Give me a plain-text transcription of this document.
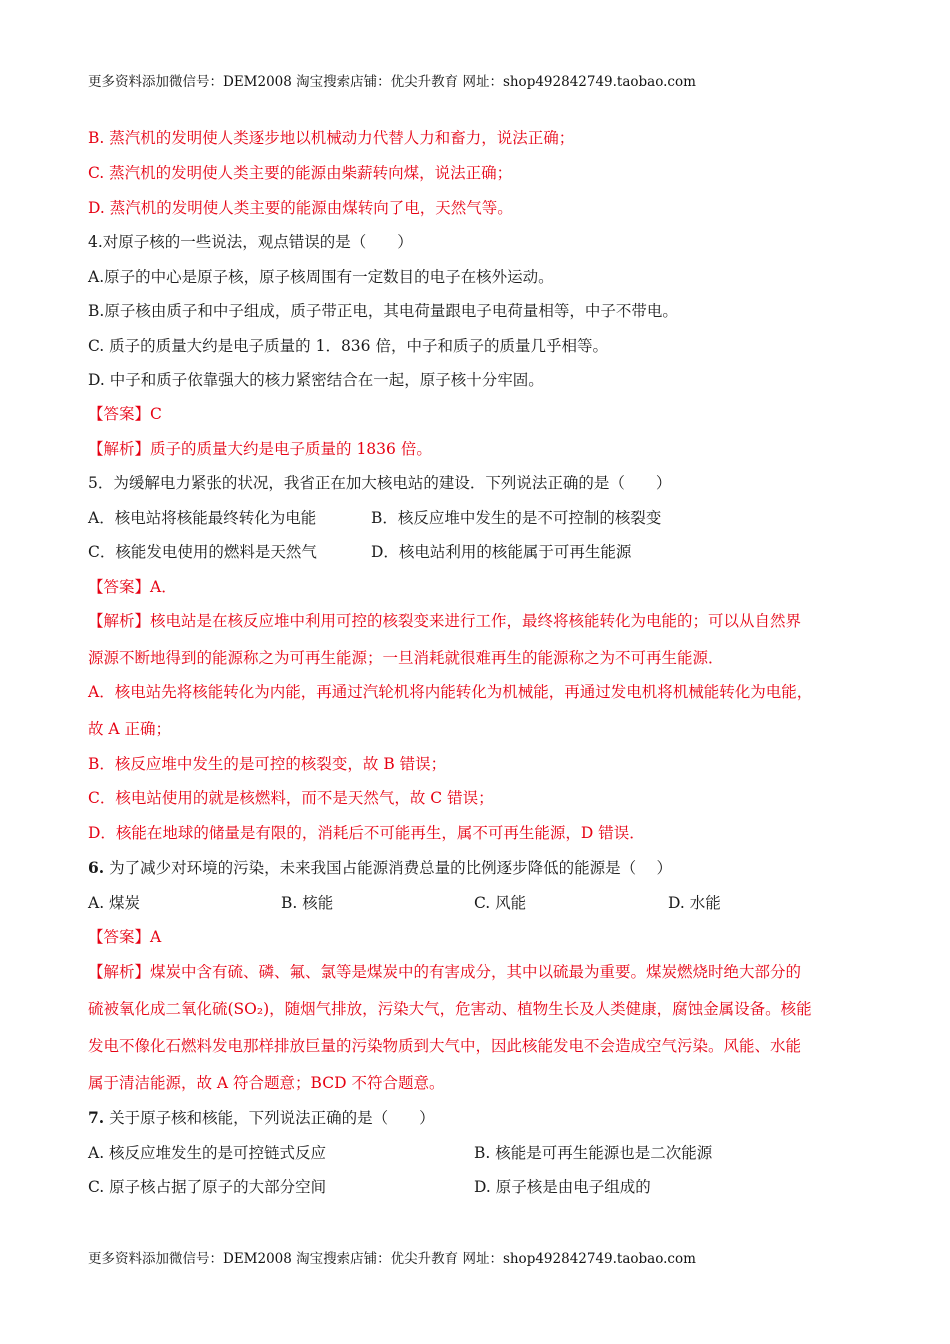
更多资料添加微信号：DEM2008 淘宝搜索店铺：优尖升教育 网址：shop492842749.taobao.com
B. 蒸汽机的发明使人类逐步地以机械动力代替人力和畜力，说法正确；
C. 蒸汽机的发明使人类主要的能源由柴薪转向煤，说法正确；
D. 蒸汽机的发明使人类主要的能源由煤转向了电，天然气等。
4.对原子核的一些说法，观点错误的是（　　）
A.原子的中心是原子核，原子核周围有一定数目的电子在核外运动。
B.原子核由质子和中子组成，质子带正电，其电荷量跟电子电荷量相等，中子不带电。
C. 质子的质量大约是电子质量的 1．836 倍，中子和质子的质量几乎相等。
D. 中子和质子依靠强大的核力紧密结合在一起，原子核十分牢固。
【答案】C
【解析】质子的质量大约是电子质量的 1836 倍。
5．为缓解电力紧张的状况，我省正在加大核电站的建设．下列说法正确的是（　　）
A．核电站将核能最终转化为电能	B．核反应堆中发生的是不可控制的核裂变
C．核能发电使用的燃料是天然气	D．核电站利用的核能属于可再生能源
【答案】A．
【解析】核电站是在核反应堆中利用可控的核裂变来进行工作，最终将核能转化为电能的；可以从自然界
源源不断地得到的能源称之为可再生能源；一旦消耗就很难再生的能源称之为不可再生能源．
A．核电站先将核能转化为内能，再通过汽轮机将内能转化为机械能，再通过发电机将机械能转化为电能，
故 A 正确；
B．核反应堆中发生的是可控的核裂变，故 B 错误；
C．核电站使用的就是核燃料，而不是天然气，故 C 错误；
D．核能在地球的储量是有限的，消耗后不可能再生，属不可再生能源，D 错误．
6. 为了减少对环境的污染，未来我国占能源消费总量的比例逐步降低的能源是（　 ）
A. 煤炭	B. 核能	C. 风能	D. 水能
【答案】A
【解析】煤炭中含有硫、磷、氟、氯等是煤炭中的有害成分，其中以硫最为重要。煤炭燃烧时绝大部分的
硫被氧化成二氧化硫(SO₂)，随烟气排放，污染大气，危害动、植物生长及人类健康，腐蚀金属设备。核能
发电不像化石燃料发电那样排放巨量的污染物质到大气中，因此核能发电不会造成空气污染。风能、水能
属于清洁能源，故 A 符合题意；BCD 不符合题意。
7. 关于原子核和核能，下列说法正确的是（　　）
A. 核反应堆发生的是可控链式反应	B. 核能是可再生能源也是二次能源
C. 原子核占据了原子的大部分空间	D. 原子核是由电子组成的
更多资料添加微信号：DEM2008 淘宝搜索店铺：优尖升教育 网址：shop492842749.taobao.com
